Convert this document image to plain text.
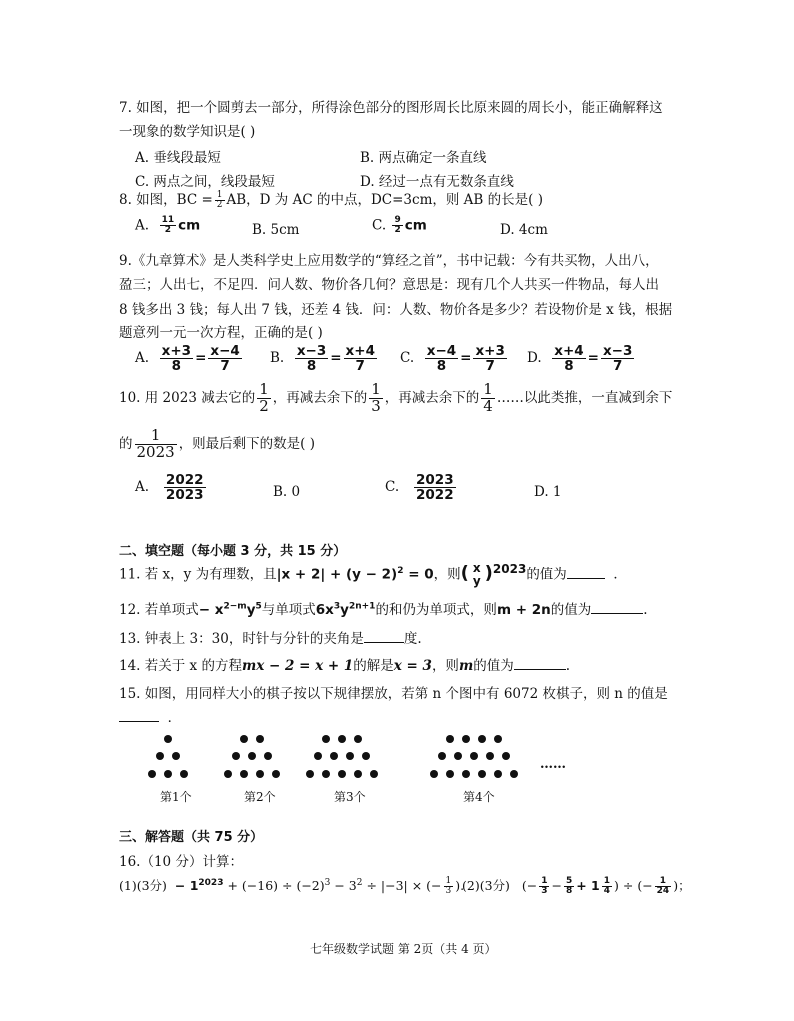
7. 如图，把一个圆剪去一部分，所得涂色部分的图形周长比原来圆的周长小，能正确解释这
一现象的数学知识是( )
A. 垂线段最短	B. 两点确定一条直线
C. 两点之间，线段最短	D. 经过一点有无数条直线
8. 如图，BC = $\frac{1}{2}$ AB，D 为 AC 的中点，DC=3cm，则 AB 的长是( )
A. $\frac{11}{2}$ cm	B. 5cm	C. $\frac{9}{2}$ cm	D. 4cm
9.《九章算术》是人类科学史上应用数学的“算经之首”，书中记载：今有共买物，人出八，
盈三；人出七，不足四．问人数、物价各几何？意思是：现有几个人共买一件物品，每人出
8 钱多出 3 钱；每人出 7 钱，还差 4 钱．问：人数、物价各是多少？若设物价是 x 钱，根据
题意列一元一次方程，正确的是( )
A. $\frac{x+3}{8} = \frac{x-4}{7} B$. $\frac{x-3}{8} = \frac{x+4}{7} C$. $\frac{x-4}{8} = \frac{x+3}{7} D$. $\frac{x+4}{8} = \frac{x-3}{7}$
10. 用 2023 减去它的 $\frac{1}{2}$ ，再减去余下的 $\frac{1}{3}$ ，再减去余下的 $\frac{1}{4}$ ……以此类推，一直减到余下
的 $\frac{1}{2023}$ ，则最后剩下的数是( )
A. $\frac{2022}{2023}$	B. 0	C. $\frac{2023}{2022}$	D. 1
二、填空题（每小题 3 分，共 15 分）
11. 若 x，y 为有理数，且$|x + 2| + (y - 2)^2 = 0$，则( x
y )$^{2023}$的值为	．
12. 若单项式− $x^{2-m}y^5$与单项式$6x^3y^{2n+1}$的和仍为单项式，则m + 2n的值为	.
13. 钟表上 3：30，时针与分针的夹角是	度.
14. 若关于 x 的方程mx − 2 = x + 1的解是x = 3，则m的值为	.
15. 如图，用同样大小的棋子按以下规律摆放，若第 n 个图中有 6072 枚棋子，则 n 的值是
．
第1个	第2个	第3个	第4个
……
三、解答题（共 75 分）
16.（10 分）计算：
(1)(3分) − $1^{2023} + (-16) \div (-2)^3 - 3^2 \div |-3|$ × (− $\frac{1}{3}$ ).
(2)(3分) (− $\frac{1}{3} - \frac{5}{8} + 1 \frac{1}{4}$ ) ÷ (− $\frac{1}{24}$ )；
七年级数学试题 第 2页（共 4 页）
